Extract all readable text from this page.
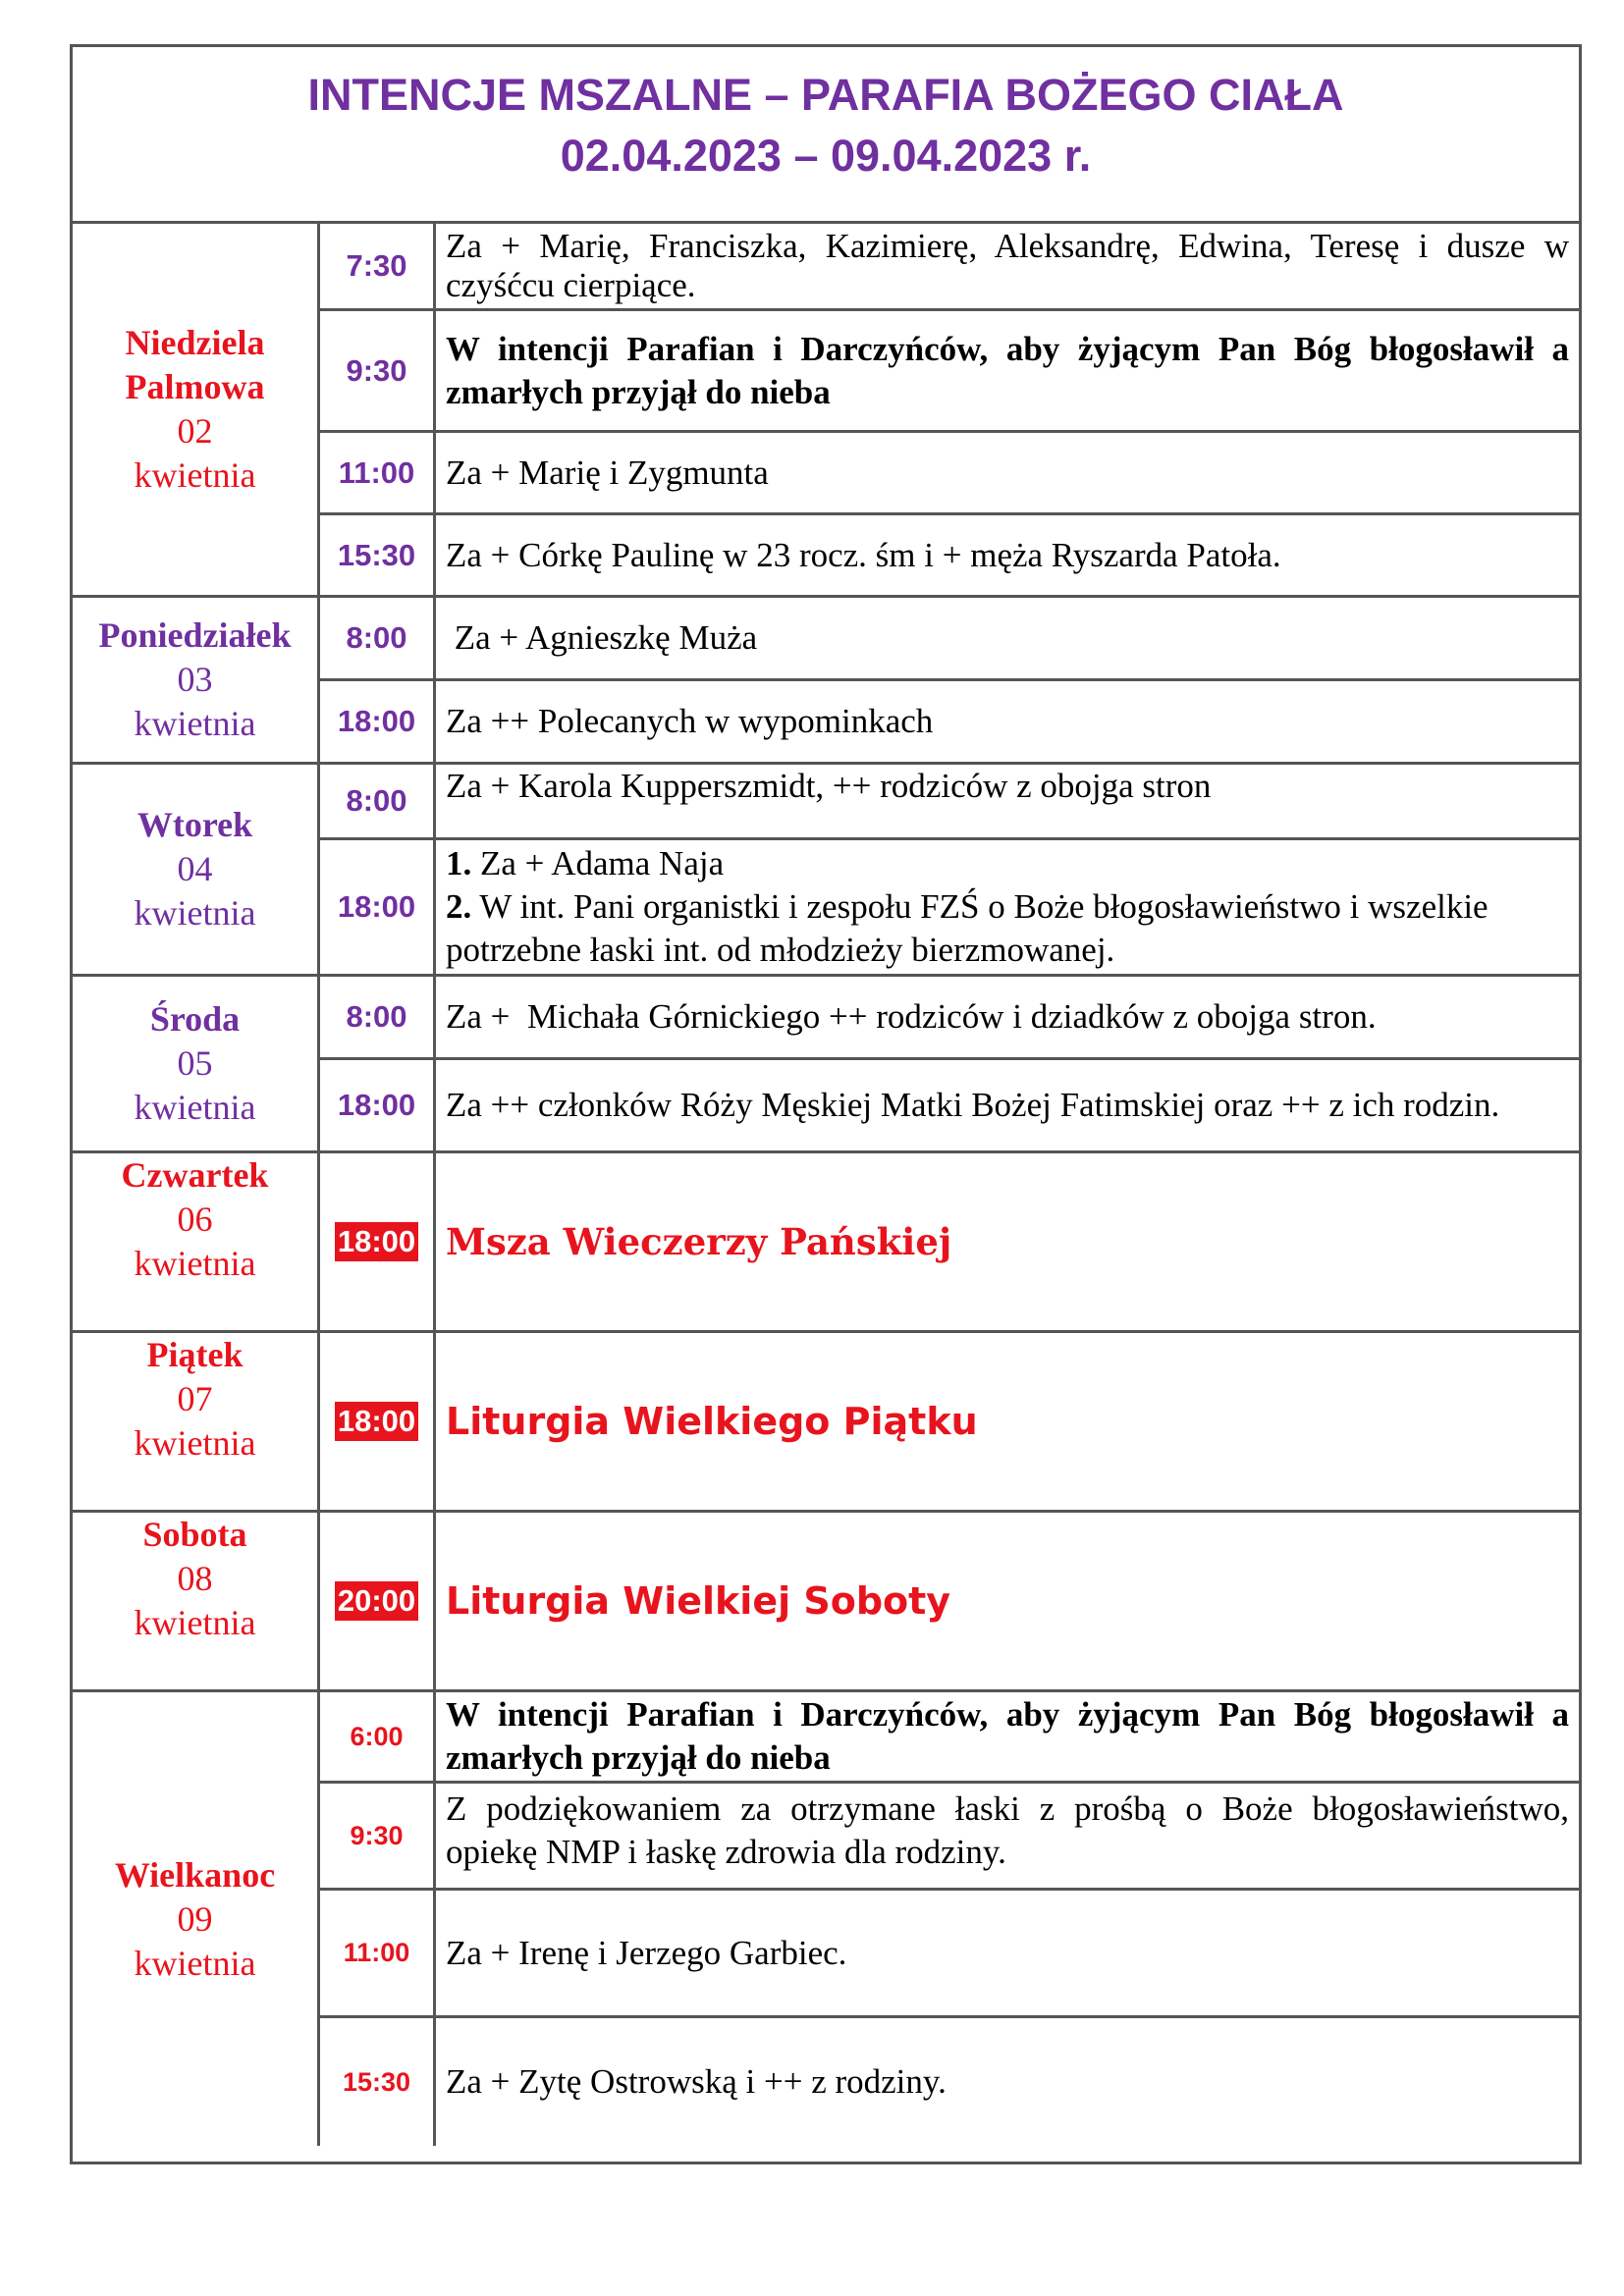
INTENCJE MSZALNE – PARAFIA BOŻEGO CIAŁA
02.04.2023 – 09.04.2023 r.
Niedziela
Palmowa
02
kwietnia
7:30
Za + Marię, Franciszka, Kazimierę, Aleksandrę, Edwina, Teresę i dusze w czyśćcu cierpiące.
9:30
W intencji Parafian i Darczyńców, aby żyjącym Pan Bóg błogosławił a zmarłych przyjął do nieba
11:00 Za + Marię i Zygmunta
15:30 Za + Córkę Paulinę w 23 rocz. śm i + męża Ryszarda Patoła.
Poniedziałek
03
kwietnia
8:00 Za + Agnieszkę Muża
18:00 Za ++ Polecanych w wypominkach
Wtorek
04
kwietnia
8:00 Za + Karola Kupperszmidt, ++ rodziców z obojga stron
18:00
1. Za + Adama Naja
2. W int. Pani organistki i zespołu FZŚ o Boże błogosławieństwo i wszelkie potrzebne łaski int. od młodzieży bierzmowanej.
Środa
05
kwietnia
8:00 Za +  Michała Górnickiego ++ rodziców i dziadków z obojga stron.
18:00 Za ++ członków Róży Męskiej Matki Bożej Fatimskiej oraz ++ z ich rodzin.
Czwartek
06
kwietnia
18:00 Msza Wieczerzy Pańskiej
Piątek
07
kwietnia
18:00 Liturgia Wielkiego Piątku
Sobota
08
kwietnia
20:00 Liturgia Wielkiej Soboty
Wielkanoc
09
kwietnia
6:00
W intencji Parafian i Darczyńców, aby żyjącym Pan Bóg błogosławił a zmarłych przyjął do nieba
9:30
Z podziękowaniem za otrzymane łaski z prośbą o Boże błogosławieństwo, opiekę NMP i łaskę zdrowia dla rodziny.
11:00 Za + Irenę i Jerzego Garbiec.
15:30 Za + Zytę Ostrowską i ++ z rodziny.
